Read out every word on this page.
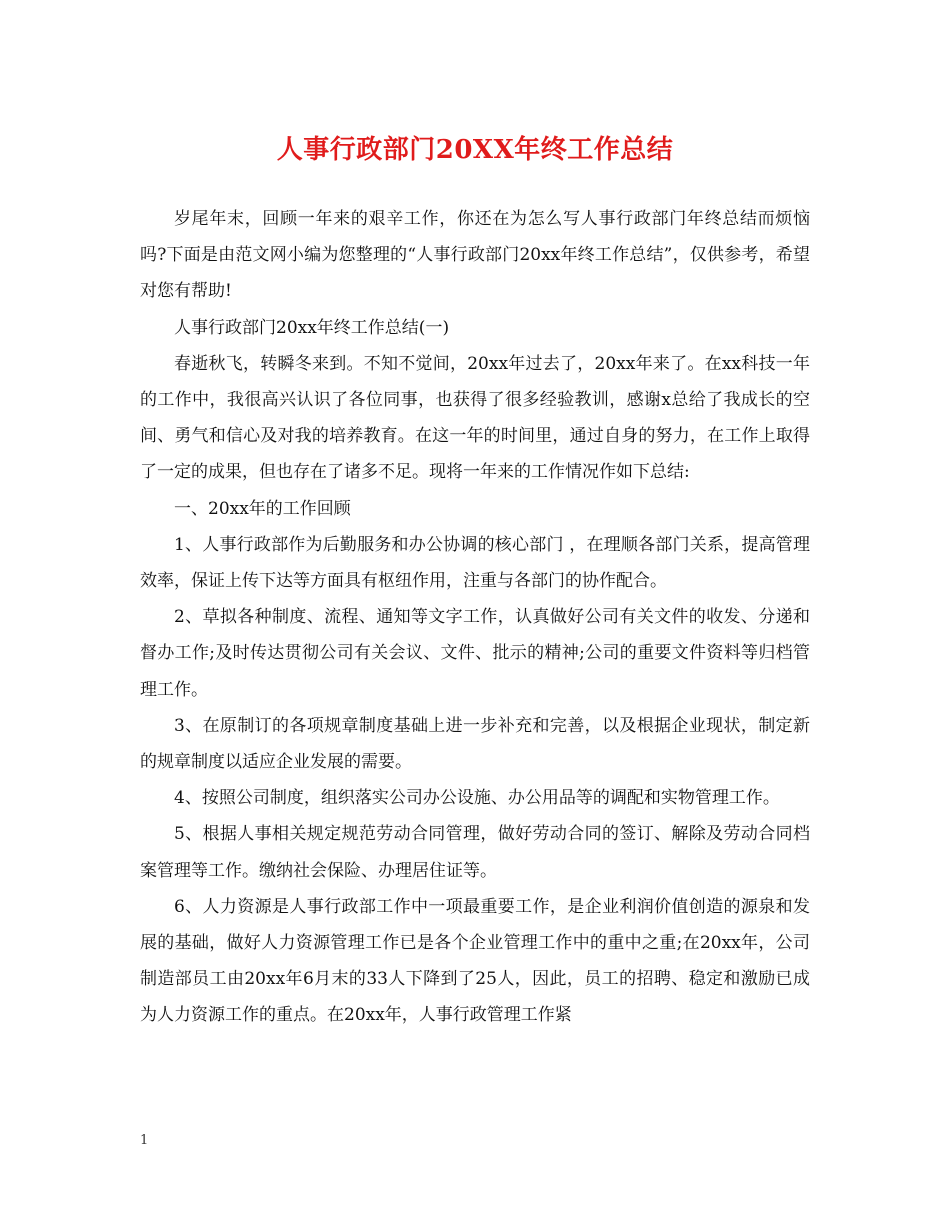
人事行政部门20XX年终工作总结

岁尾年末，回顾一年来的艰辛工作，你还在为怎么写人事行政部门年终总结而烦恼吗?下面是由范文网小编为您整理的“人事行政部门20xx年终工作总结”，仅供参考，希望对您有帮助!

人事行政部门20xx年终工作总结(一)

春逝秋飞，转瞬冬来到。不知不觉间，20xx年过去了，20xx年来了。在xx科技一年的工作中，我很高兴认识了各位同事，也获得了很多经验教训，感谢x总给了我成长的空间、勇气和信心及对我的培养教育。在这一年的时间里，通过自身的努力，在工作上取得了一定的成果，但也存在了诸多不足。现将一年来的工作情况作如下总结:

一、20xx年的工作回顾

1、人事行政部作为后勤服务和办公协调的核心部门 ，在理顺各部门关系，提高管理效率，保证上传下达等方面具有枢纽作用，注重与各部门的协作配合。

2、草拟各种制度、流程、通知等文字工作，认真做好公司有关文件的收发、分递和督办工作;及时传达贯彻公司有关会议、文件、批示的精神;公司的重要文件资料等归档管理工作。

3、在原制订的各项规章制度基础上进一步补充和完善，以及根据企业现状，制定新的规章制度以适应企业发展的需要。

4、按照公司制度，组织落实公司办公设施、办公用品等的调配和实物管理工作。

5、根据人事相关规定规范劳动合同管理，做好劳动合同的签订、解除及劳动合同档案管理等工作。缴纳社会保险、办理居住证等。

6、人力资源是人事行政部工作中一项最重要工作，是企业利润价值创造的源泉和发展的基础，做好人力资源管理工作已是各个企业管理工作中的重中之重;在20xx年，公司制造部员工由20xx年6月末的33人下降到了25人，因此，员工的招聘、稳定和激励已成为人力资源工作的重点。在20xx年，人事行政管理工作紧

1
